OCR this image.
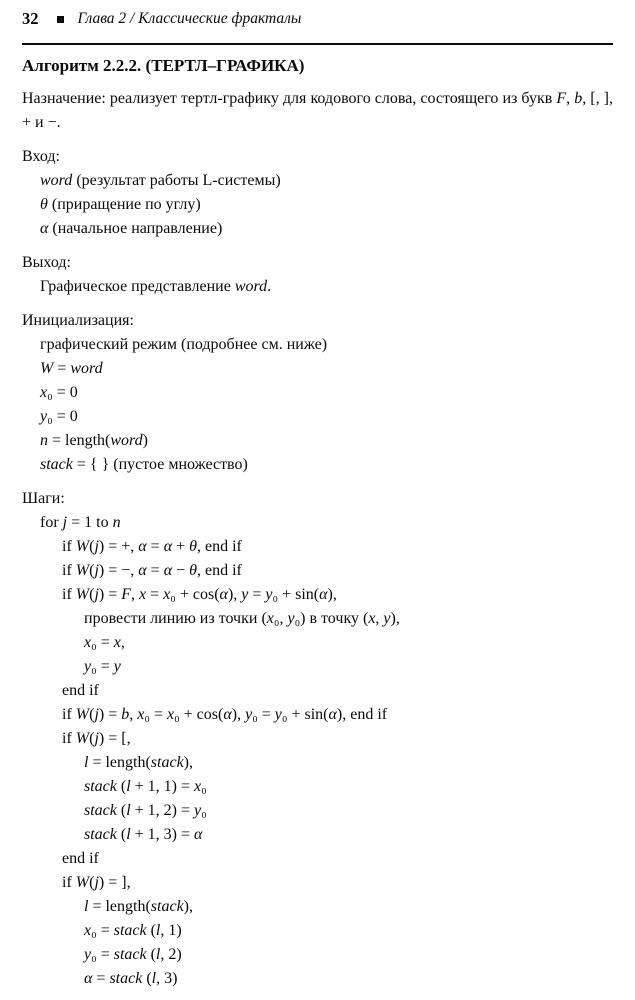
32	Глава 2 / Классические фракталы
Алгоритм 2.2.2. (ТЕРТЛ–ГРАФИКА)

Назначение: реализует тертл-графику для кодового слова, состоящего из букв F, b, [, ], + и −.

Вход:
word (результат работы L-системы)
θ (приращение по углу)
α (начальное направление)
Выход:
Графическое представление word.
Инициализация:
графический режим (подробнее см. ниже)
W = word
x₀ = 0
y₀ = 0
n = length(word)
stack = { } (пустое множество)
Шаги:
for j = 1 to n
if W(j) = +, α = α + θ, end if
if W(j) = −, α = α − θ, end if
if W(j) = F, x = x₀ + cos(α), y = y₀ + sin(α),
провести линию из точки (x₀, y₀) в точку (x, y),
x₀ = x,
y₀ = y
end if
if W(j) = b, x₀ = x₀ + cos(α), y₀ = y₀ + sin(α), end if
if W(j) = [,
l = length(stack),
stack (l + 1, 1) = x₀
stack (l + 1, 2) = y₀
stack (l + 1, 3) = α
end if
if W(j) = ],
l = length(stack),
x₀ = stack (l, 1)
y₀ = stack (l, 2)
α = stack (l, 3)
